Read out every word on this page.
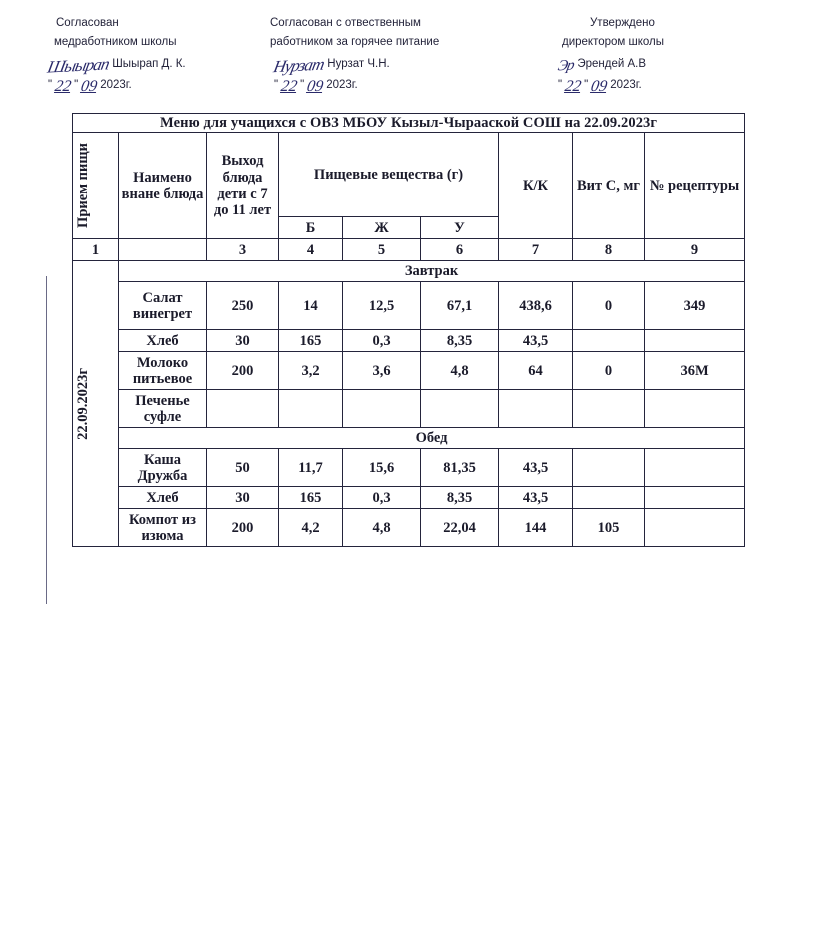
Согласован
медработником школы
Шыырап Шыырап Д. К.
" 22 " 09 2023г.
Согласован с отвественным
работником за горячее питание
Нурзат Нурзат Ч.Н.
" 22 " 09 2023г.
Утверждено
директором школы
Эр Эрендей А.В
" 22 " 09 2023г.
Меню для учащихся с ОВЗ МБОУ Кызыл-Чырааской СОШ на 22.09.2023г								

Прием пищи	Наимено внане блюда	Выход блюда дети с 7 до 11 лет	Пищевые вещества (г)			К/К	Вит С, мг	№ рецептуры
			Б	Ж	У			
1		3	4	5	6	7	8	9

22.09.2023г	Завтрак							
	Салат винегрет	250	14	12,5	67,1	438,6	0	349
	Хлеб	30	165	0,3	8,35	43,5		
	Молоко питьевое	200	3,2	3,6	4,8	64	0	36М
	Печенье суфле							
	Обед							
	Каша Дружба	50	11,7	15,6	81,35	43,5		
	Хлеб	30	165	0,3	8,35	43,5		
	Компот из изюма	200	4,2	4,8	22,04	144	105	
